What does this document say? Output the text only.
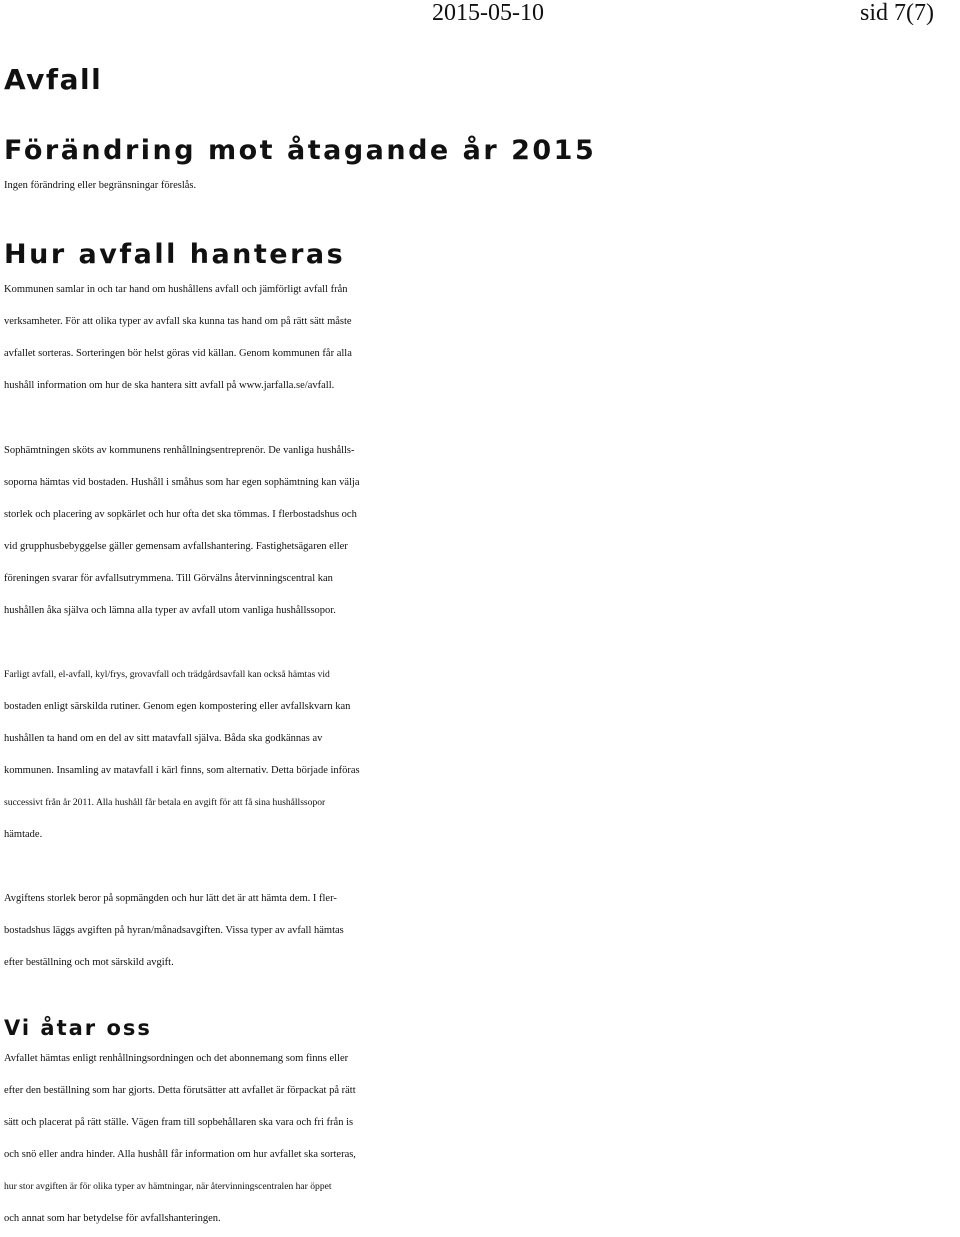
2015-05-10	sid 7(7)
Avfall
Förändring mot åtagande år 2015

Ingen förändring eller begränsningar föreslås.

Hur avfall hanteras

Kommunen samlar in och tar hand om hushållens avfall och jämförligt avfall från
verksamheter. För att olika typer av avfall ska kunna tas hand om på rätt sätt måste
avfallet sorteras. Sorteringen bör helst göras vid källan. Genom kommunen får alla
hushåll information om hur de ska hantera sitt avfall på www.jarfalla.se/avfall.

Sophämtningen sköts av kommunens renhållningsentreprenör. De vanliga hushålls-
soporna hämtas vid bostaden. Hushåll i småhus som har egen sophämtning kan välja
storlek och placering av sopkärlet och hur ofta det ska tömmas. I flerbostadshus och
vid grupphusbebyggelse gäller gemensam avfallshantering. Fastighetsägaren eller
föreningen svarar för avfallsutrymmena. Till Görvälns återvinningscentral kan
hushållen åka själva och lämna alla typer av avfall utom vanliga hushållssopor.

Farligt avfall, el-avfall, kyl/frys, grovavfall och trädgårdsavfall kan också hämtas vid
bostaden enligt särskilda rutiner. Genom egen kompostering eller avfallskvarn kan
hushållen ta hand om en del av sitt matavfall själva. Båda ska godkännas av
kommunen. Insamling av matavfall i kärl finns, som alternativ. Detta började införas
successivt från år 2011. Alla hushåll får betala en avgift för att få sina hushållssopor
hämtade.

Avgiftens storlek beror på sopmängden och hur lätt det är att hämta dem. I fler-
bostadshus läggs avgiften på hyran/månadsavgiften. Vissa typer av avfall hämtas
efter beställning och mot särskild avgift.

Vi åtar oss

Avfallet hämtas enligt renhållningsordningen och det abonnemang som finns eller
efter den beställning som har gjorts. Detta förutsätter att avfallet är förpackat på rätt
sätt och placerat på rätt ställe. Vägen fram till sopbehållaren ska vara och fri från is
och snö eller andra hinder. Alla hushåll får information om hur avfallet ska sorteras,
hur stor avgiften är för olika typer av hämtningar, när återvinningscentralen har öppet
och annat som har betydelse för avfallshanteringen.
